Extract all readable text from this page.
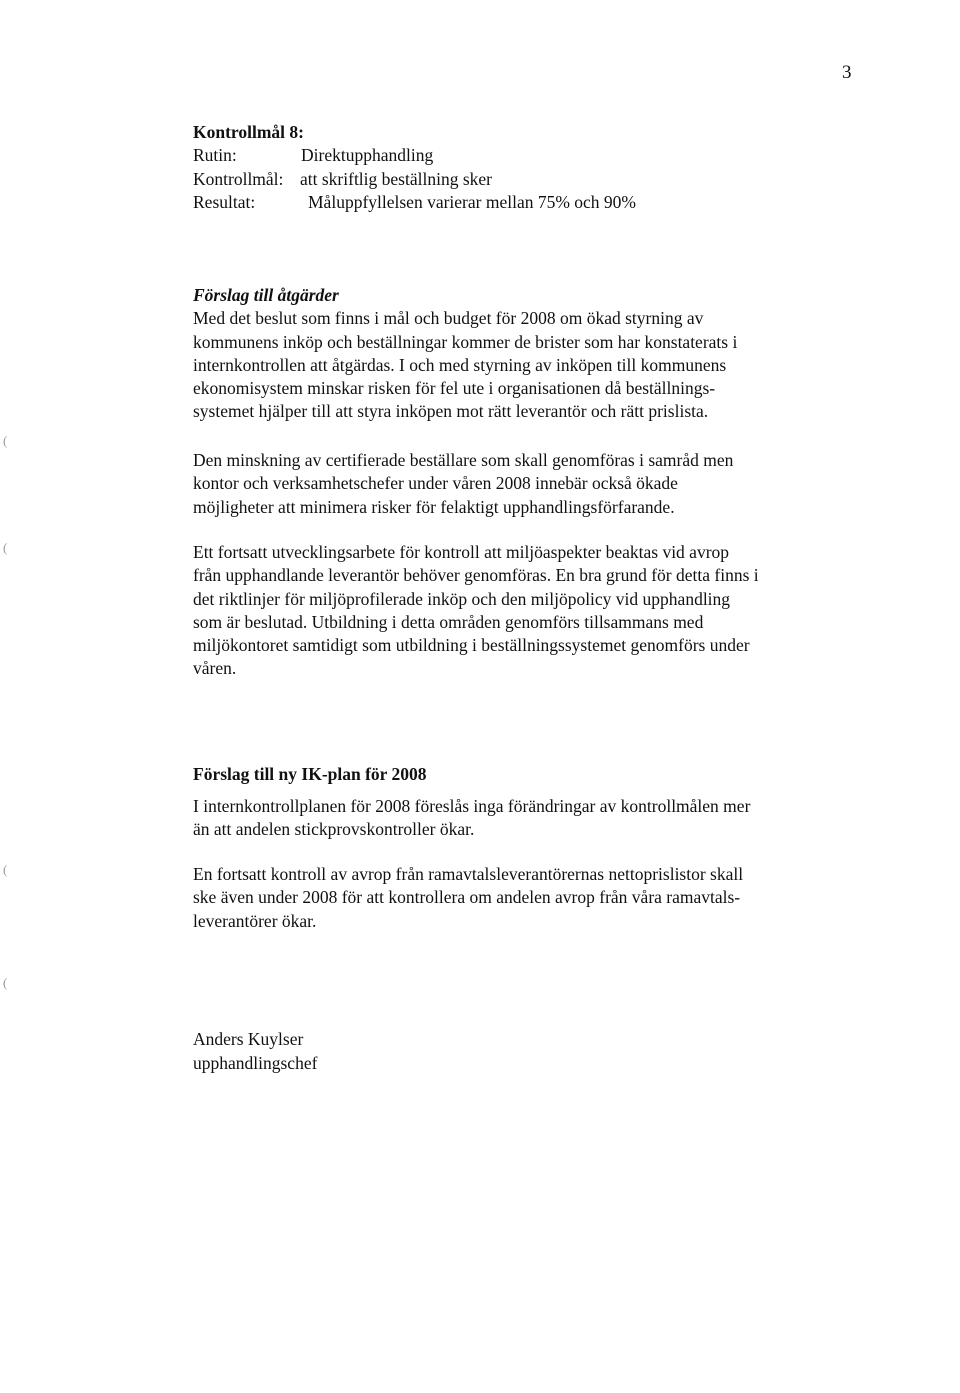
3
(
(
(
(
Kontrollmål 8:
Rutin:	Direktupphandling
Kontrollmål: att skriftlig beställning sker
Resultat:	Måluppfyllelsen varierar mellan 75% och 90%
Förslag till åtgärder
Med det beslut som finns i mål och budget för 2008 om ökad styrning av
kommunens inköp och beställningar kommer de brister som har konstaterats i
internkontrollen att åtgärdas. I och med styrning av inköpen till kommunens
ekonomisystem minskar risken för fel ute i organisationen då beställnings-
systemet hjälper till att styra inköpen mot rätt leverantör och rätt prislista.
Den minskning av certifierade beställare som skall genomföras i samråd men
kontor och verksamhetschefer under våren 2008 innebär också ökade
möjligheter att minimera risker för felaktigt upphandlingsförfarande.
Ett fortsatt utvecklingsarbete för kontroll att miljöaspekter beaktas vid avrop
från upphandlande leverantör behöver genomföras. En bra grund för detta finns i
det riktlinjer för miljöprofilerade inköp och den miljöpolicy vid upphandling
som är beslutad. Utbildning i detta områden genomförs tillsammans med
miljökontoret samtidigt som utbildning i beställningssystemet genomförs under
våren.
Förslag till ny IK-plan för 2008
I internkontrollplanen för 2008 föreslås inga förändringar av kontrollmålen mer
än att andelen stickprovskontroller ökar.
En fortsatt kontroll av avrop från ramavtalsleverantörernas nettoprislistor skall
ske även under 2008 för att kontrollera om andelen avrop från våra ramavtals-
leverantörer ökar.
Anders Kuylser
upphandlingschef
